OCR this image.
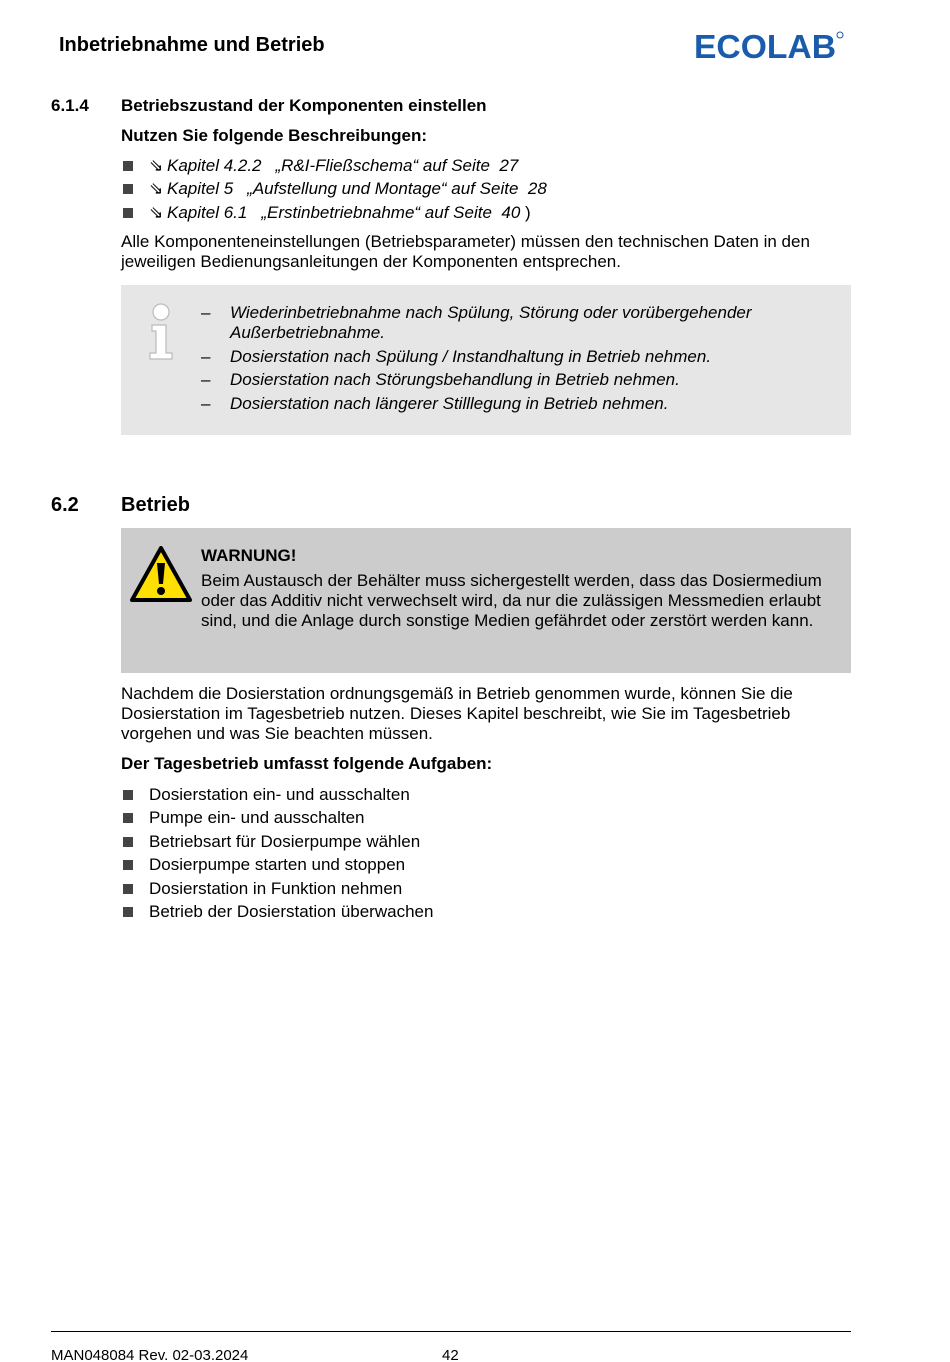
Inbetriebnahme und Betrieb	ECOLAB
6.1.4 Betriebszustand der Komponenten einstellen
Nutzen Sie folgende Beschreibungen:
⇘ Kapitel 4.2.2 „R&I-Fließschema“ auf Seite 27
⇘ Kapitel 5 „Aufstellung und Montage“ auf Seite 28
⇘ Kapitel 6.1 „Erstinbetriebnahme“ auf Seite 40 )
Alle Komponenteneinstellungen (Betriebsparameter) müssen den technischen Daten in den jeweiligen Bedienungsanleitungen der Komponenten entsprechen.
– Wiederinbetriebnahme nach Spülung, Störung oder vorübergehender Außerbetriebnahme.
– Dosierstation nach Spülung / Instandhaltung in Betrieb nehmen.
– Dosierstation nach Störungsbehandlung in Betrieb nehmen.
– Dosierstation nach längerer Stilllegung in Betrieb nehmen.
6.2 Betrieb
WARNUNG!
Beim Austausch der Behälter muss sichergestellt werden, dass das Dosiermedium oder das Additiv nicht verwechselt wird, da nur die zulässigen Messmedien erlaubt sind, und die Anlage durch sonstige Medien gefährdet oder zerstört werden kann.
Nachdem die Dosierstation ordnungsgemäß in Betrieb genommen wurde, können Sie die Dosierstation im Tagesbetrieb nutzen. Dieses Kapitel beschreibt, wie Sie im Tagesbetrieb vorgehen und was Sie beachten müssen.
Der Tagesbetrieb umfasst folgende Aufgaben:
Dosierstation ein- und ausschalten
Pumpe ein- und ausschalten
Betriebsart für Dosierpumpe wählen
Dosierpumpe starten und stoppen
Dosierstation in Funktion nehmen
Betrieb der Dosierstation überwachen
MAN048084 Rev. 02-03.2024	42
